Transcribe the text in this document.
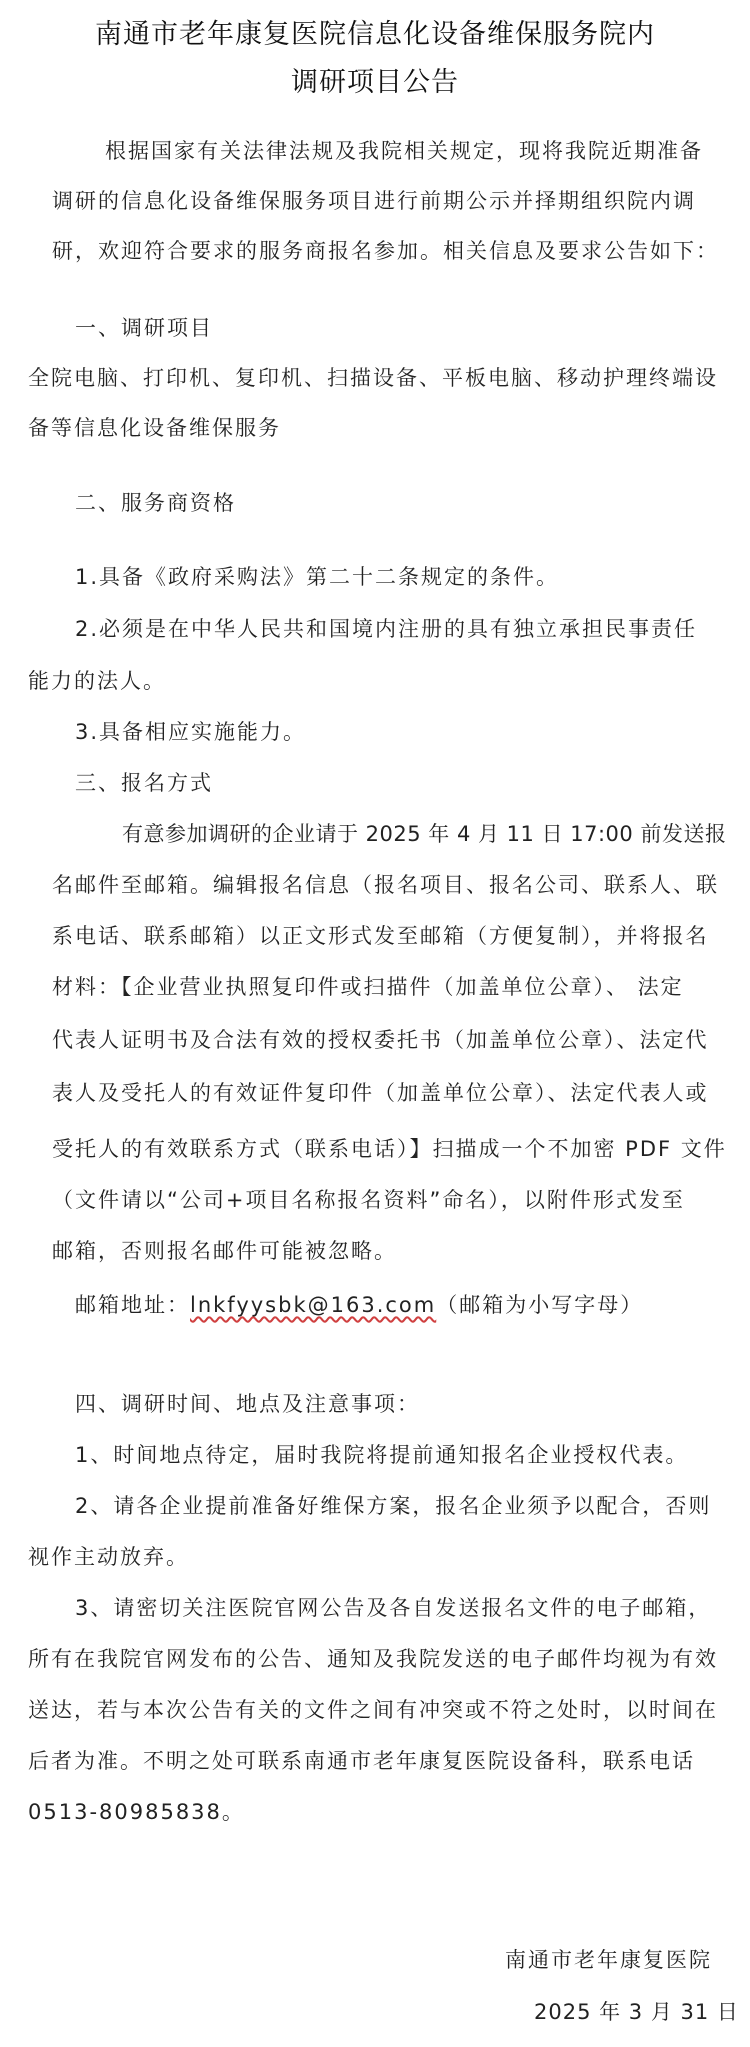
南通市老年康复医院信息化设备维保服务院内
调研项目公告
根据国家有关法律法规及我院相关规定，现将我院近期准备
调研的信息化设备维保服务项目进行前期公示并择期组织院内调
研，欢迎符合要求的服务商报名参加。相关信息及要求公告如下：
一、调研项目
全院电脑、打印机、复印机、扫描设备、平板电脑、移动护理终端设
备等信息化设备维保服务
二、服务商资格
1.具备《政府采购法》第二十二条规定的条件。
2.必须是在中华人民共和国境内注册的具有独立承担民事责任
能力的法人。
3.具备相应实施能力。
三、报名方式
有意参加调研的企业请于 2025 年 4 月 11 日 17:00 前发送报
名邮件至邮箱。编辑报名信息（报名项目、报名公司、联系人、联
系电话、联系邮箱）以正文形式发至邮箱（方便复制），并将报名
材料：【企业营业执照复印件或扫描件（加盖单位公章）、 法定
代表人证明书及合法有效的授权委托书（加盖单位公章）、法定代
表人及受托人的有效证件复印件（加盖单位公章）、法定代表人或
受托人的有效联系方式（联系电话）】扫描成一个不加密 PDF 文件
（文件请以“公司+项目名称报名资料”命名），以附件形式发至
邮箱，否则报名邮件可能被忽略。
邮箱地址：lnkfyysbk@163.com（邮箱为小写字母）
四、调研时间、地点及注意事项：
1、时间地点待定，届时我院将提前通知报名企业授权代表。
2、请各企业提前准备好维保方案，报名企业须予以配合，否则
视作主动放弃。
3、请密切关注医院官网公告及各自发送报名文件的电子邮箱，
所有在我院官网发布的公告、通知及我院发送的电子邮件均视为有效
送达，若与本次公告有关的文件之间有冲突或不符之处时，以时间在
后者为准。不明之处可联系南通市老年康复医院设备科，联系电话
0513-80985838。
南通市老年康复医院
2025 年 3 月 31 日
